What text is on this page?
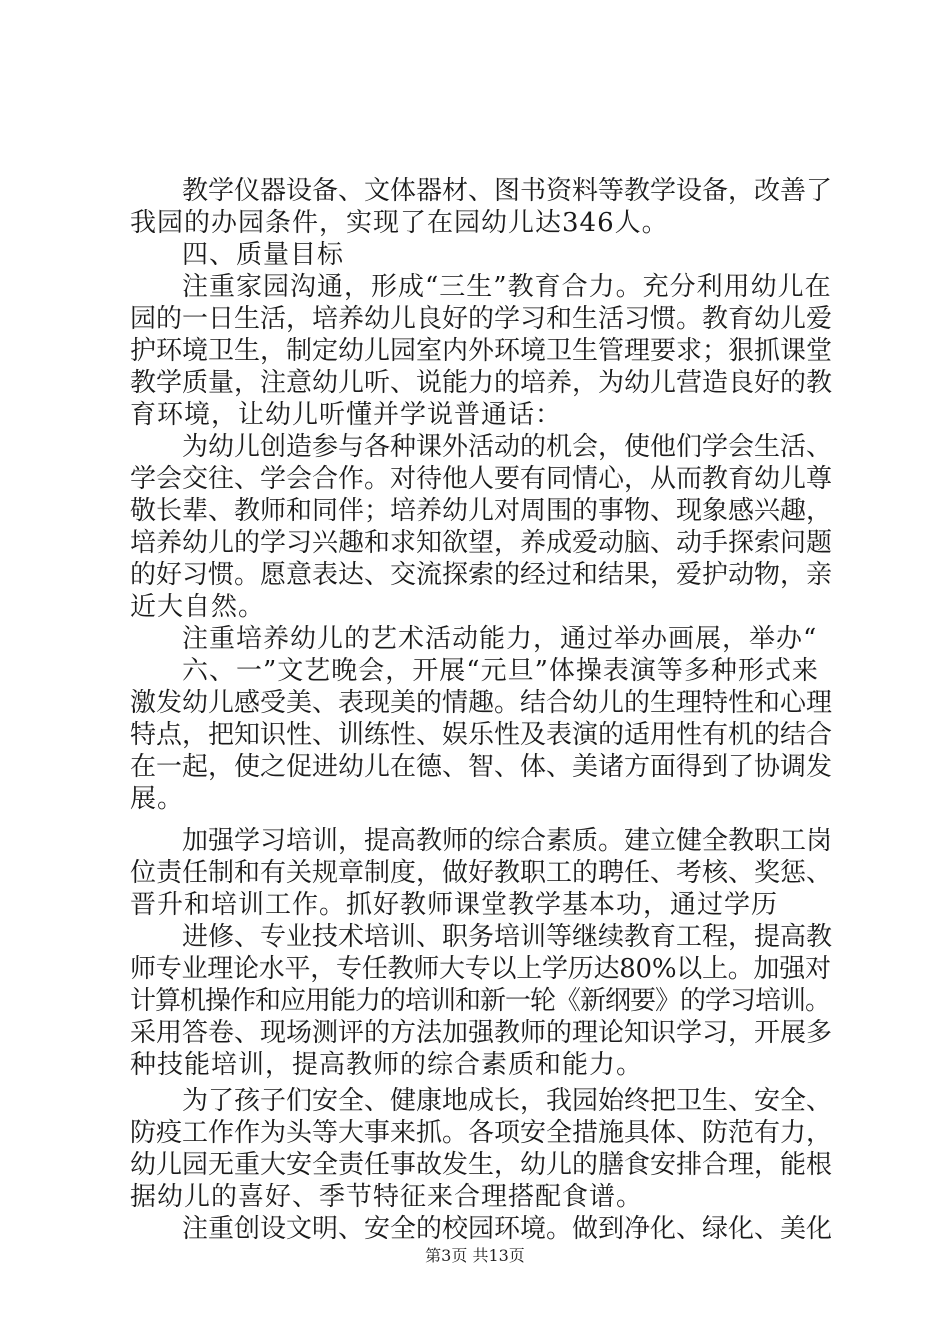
教学仪器设备、文体器材、图书资料等教学设备，改善了
我园的办园条件，实现了在园幼儿达346人。
四、质量目标
注重家园沟通，形成“三生”教育合力。充分利用幼儿在
园的一日生活，培养幼儿良好的学习和生活习惯。教育幼儿爱
护环境卫生，制定幼儿园室内外环境卫生管理要求；狠抓课堂
教学质量，注意幼儿听、说能力的培养，为幼儿营造良好的教
育环境，让幼儿听懂并学说普通话：
为幼儿创造参与各种课外活动的机会，使他们学会生活、
学会交往、学会合作。对待他人要有同情心，从而教育幼儿尊
敬长辈、教师和同伴；培养幼儿对周围的事物、现象感兴趣，
培养幼儿的学习兴趣和求知欲望，养成爱动脑、动手探索问题
的好习惯。愿意表达、交流探索的经过和结果，爱护动物，亲
近大自然。
注重培养幼儿的艺术活动能力，通过举办画展，举办“
六、一”文艺晚会，开展“元旦”体操表演等多种形式来
激发幼儿感受美、表现美的情趣。结合幼儿的生理特性和心理
特点，把知识性、训练性、娱乐性及表演的适用性有机的结合
在一起，使之促进幼儿在德、智、体、美诸方面得到了协调发
展。
加强学习培训，提高教师的综合素质。建立健全教职工岗
位责任制和有关规章制度，做好教职工的聘任、考核、奖惩、
晋升和培训工作。抓好教师课堂教学基本功，通过学历
进修、专业技术培训、职务培训等继续教育工程，提高教
师专业理论水平，专任教师大专以上学历达80%以上。加强对
计算机操作和应用能力的培训和新一轮《新纲要》的学习培训。
采用答卷、现场测评的方法加强教师的理论知识学习，开展多
种技能培训，提高教师的综合素质和能力。
为了孩子们安全、健康地成长，我园始终把卫生、安全、
防疫工作作为头等大事来抓。各项安全措施具体、防范有力，
幼儿园无重大安全责任事故发生，幼儿的膳食安排合理，能根
据幼儿的喜好、季节特征来合理搭配食谱。
注重创设文明、安全的校园环境。做到净化、绿化、美化
第3页 共13页
